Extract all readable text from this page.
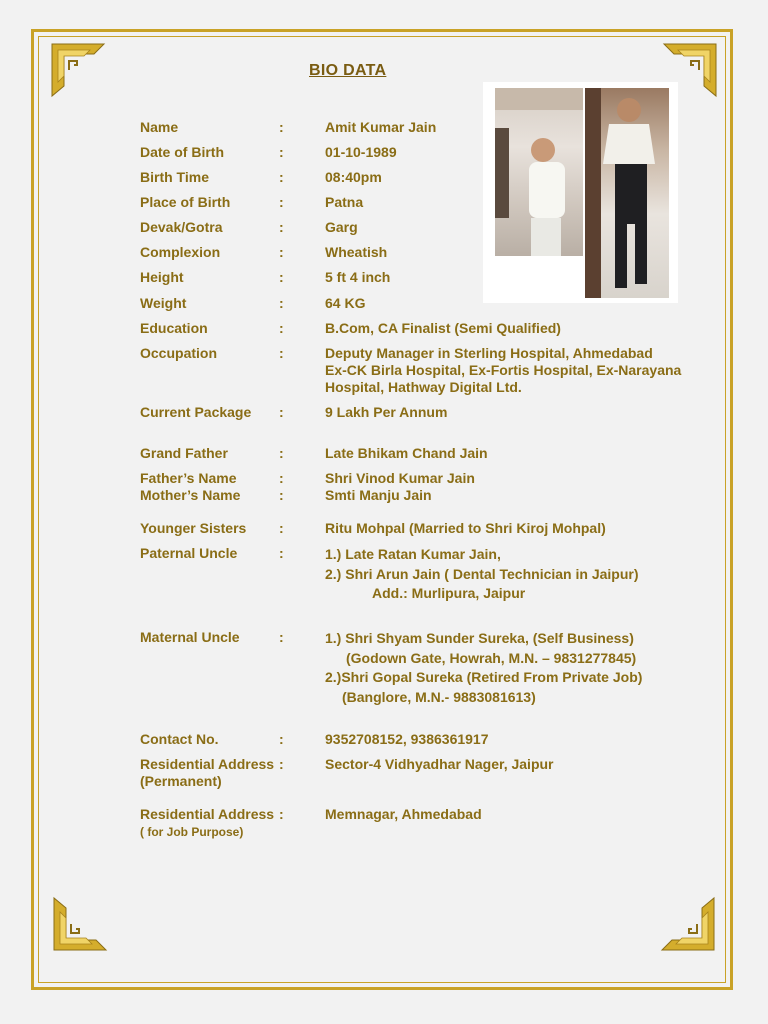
BIO DATA
Name	:	Amit Kumar Jain
Date of Birth	:	01-10-1989
Birth Time	:	08:40pm
Place of Birth	:	Patna
Devak/Gotra	:	Garg
Complexion	:	Wheatish
Height	:	5 ft 4 inch
Weight	:	64 KG
Education	:	B.Com, CA Finalist (Semi Qualified)
Occupation	:	Deputy Manager in Sterling Hospital, Ahmedabad
Ex-CK Birla Hospital, Ex-Fortis Hospital, Ex-Narayana
Hospital, Hathway Digital Ltd.
Current Package	:	9 Lakh Per Annum
Grand Father	:	Late Bhikam Chand Jain
Father’s Name	:	Shri Vinod Kumar Jain
Mother’s Name	:	Smti Manju Jain
Younger Sisters	:	Ritu Mohpal (Married to Shri Kiroj Mohpal)
Paternal Uncle	:	1.) Late Ratan Kumar Jain,
2.) Shri Arun Jain ( Dental Technician in Jaipur)
Add.: Murlipura, Jaipur
Maternal Uncle	:	1.) Shri Shyam Sunder Sureka, (Self Business)
(Godown Gate, Howrah, M.N. – 9831277845)
2.)Shri Gopal Sureka (Retired From Private Job)
(Banglore, M.N.- 9883081613)
Contact No.	:	9352708152, 9386361917
Residential Address
(Permanent)
:	Sector-4 Vidhyadhar Nager, Jaipur
Residential Address
( for Job Purpose)
:	Memnagar, Ahmedabad
